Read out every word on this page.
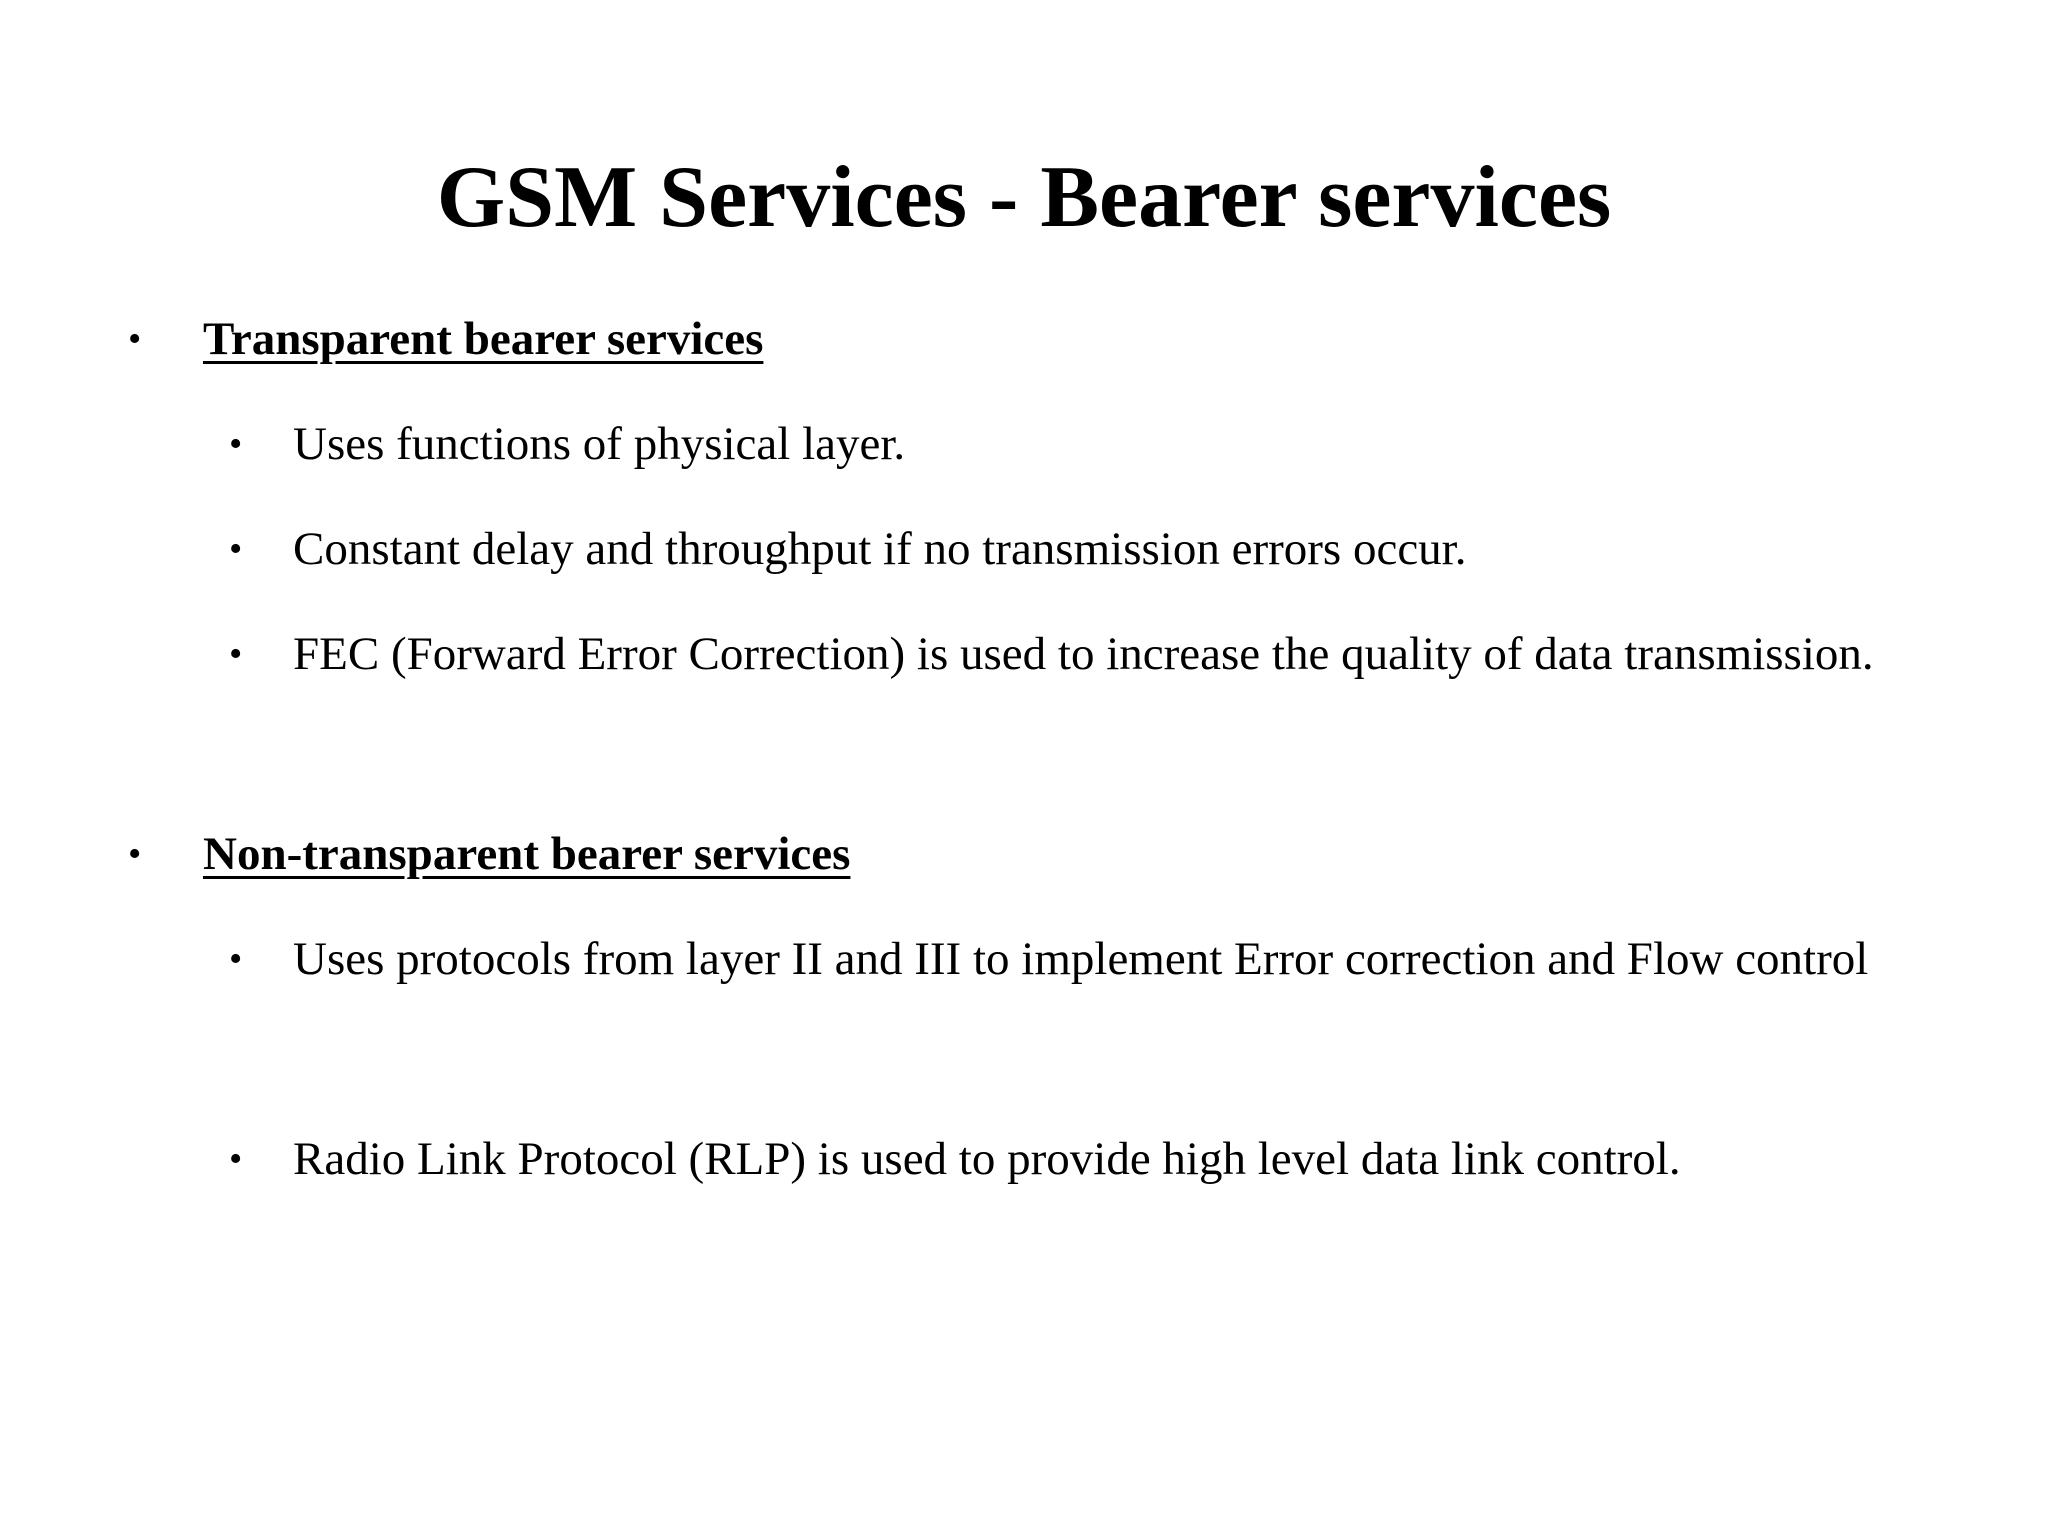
GSM Services - Bearer services
• Transparent bearer services
• Uses functions of physical layer.
• Constant delay and throughput if no transmission errors occur.
• FEC (Forward Error Correction) is used to increase the quality of data transmission.
• Non-transparent bearer services
• Uses protocols from layer II and III to implement Error correction and Flow control
• Radio Link Protocol (RLP) is used to provide high level data link control.
